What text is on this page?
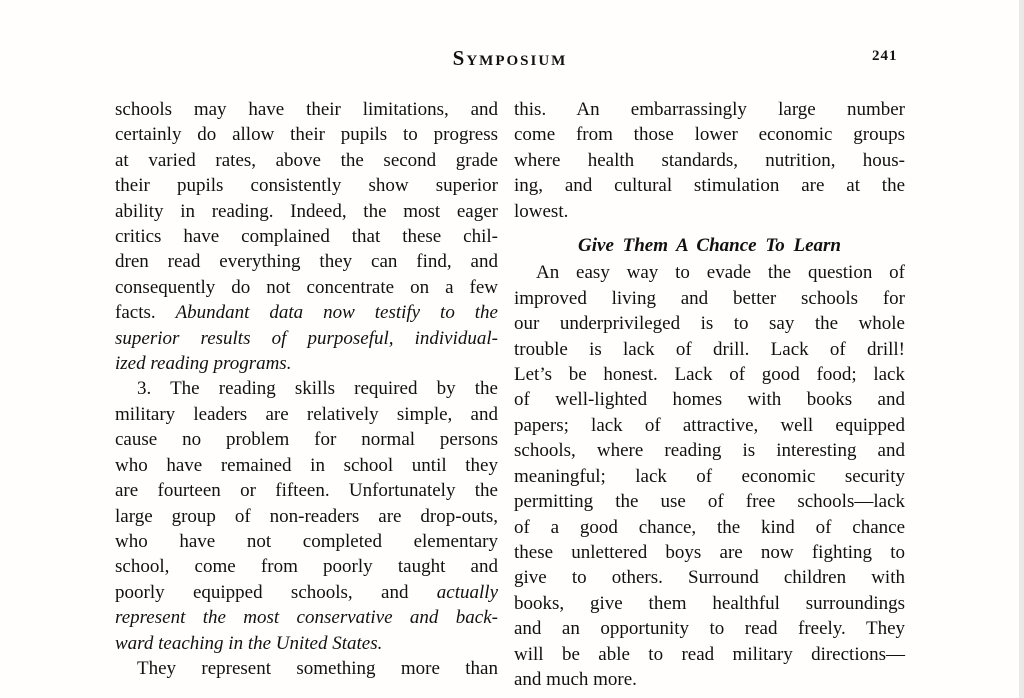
Symposium	241
schools may have their limitations, and
certainly do allow their pupils to progress
at varied rates, above the second grade
their pupils consistently show superior
ability in reading. Indeed, the most eager
critics have complained that these chil-
dren read everything they can find, and
consequently do not concentrate on a few
facts. Abundant data now testify to the
superior results of purposeful, individual-
ized reading programs.
3. The reading skills required by the
military leaders are relatively simple, and
cause no problem for normal persons
who have remained in school until they
are fourteen or fifteen. Unfortunately the
large group of non-readers are drop-outs,
who have not completed elementary
school, come from poorly taught and
poorly equipped schools, and actually
represent the most conservative and back-
ward teaching in the United States.
They represent something more than
this. An embarrassingly large number
come from those lower economic groups
where health standards, nutrition, hous-
ing, and cultural stimulation are at the
lowest.
Give Them A Chance To Learn
An easy way to evade the question of
improved living and better schools for
our underprivileged is to say the whole
trouble is lack of drill. Lack of drill!
Let’s be honest. Lack of good food; lack
of well-lighted homes with books and
papers; lack of attractive, well equipped
schools, where reading is interesting and
meaningful; lack of economic security
permitting the use of free schools—lack
of a good chance, the kind of chance
these unlettered boys are now fighting to
give to others. Surround children with
books, give them healthful surroundings
and an opportunity to read freely. They
will be able to read military directions—
and much more.
